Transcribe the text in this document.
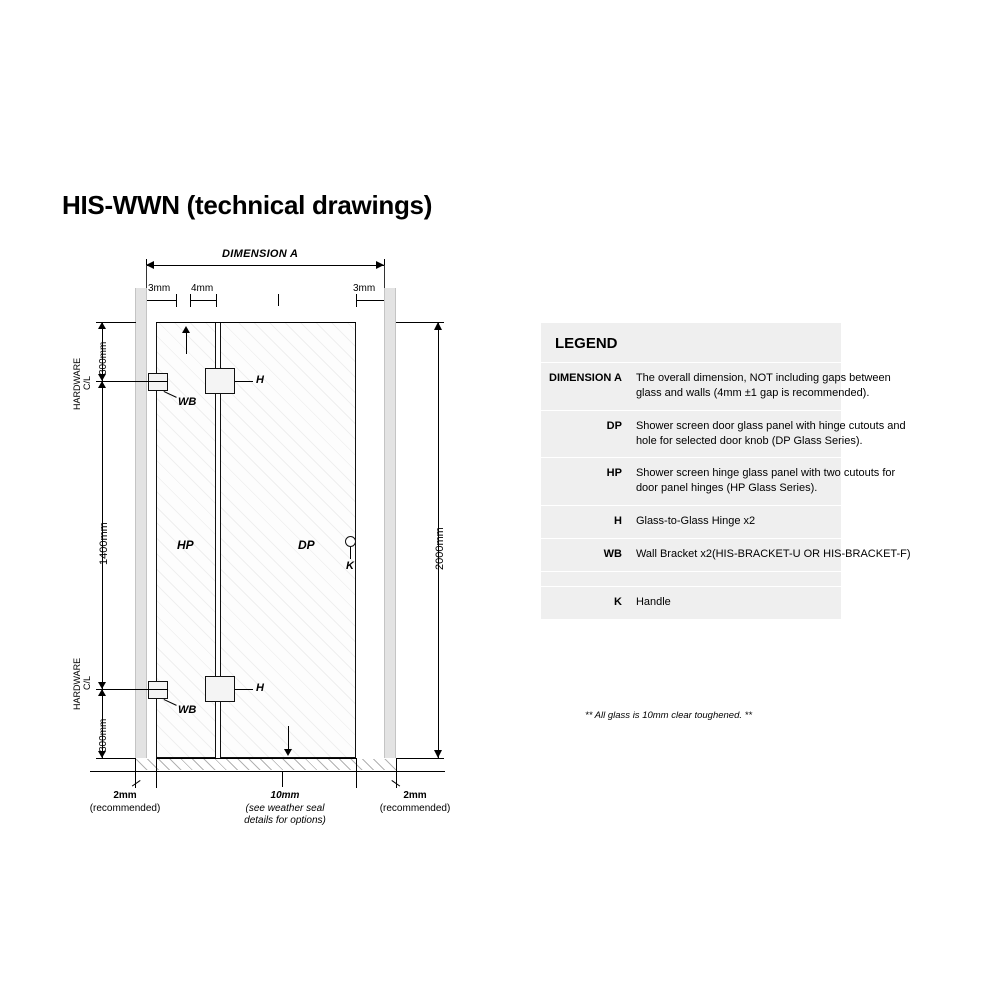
HIS-WWN (technical drawings)
DIMENSION A
3mm 4mm	3mm
H
H
WB
WB
HP	DP
K	2000mm
300mm
C/L
HARDWARE
1400mm
C/L
HARDWARE
300mm
2mm
(recommended)
10mm
(see weather seal
details for options)
2mm
(recommended)
LEGEND
DIMENSION A	The overall dimension, NOT including gaps between glass and walls (4mm ±1 gap is recommended).
DP	Shower screen door glass panel with hinge cutouts and hole for selected door knob (DP Glass Series).
HP	Shower screen hinge glass panel with two cutouts for door panel hinges (HP Glass Series).
H	Glass-to-Glass Hinge x2
WB	Wall Bracket x2(HIS-BRACKET-U OR HIS-BRACKET-F)

K	Handle
** All glass is 10mm clear toughened. **
